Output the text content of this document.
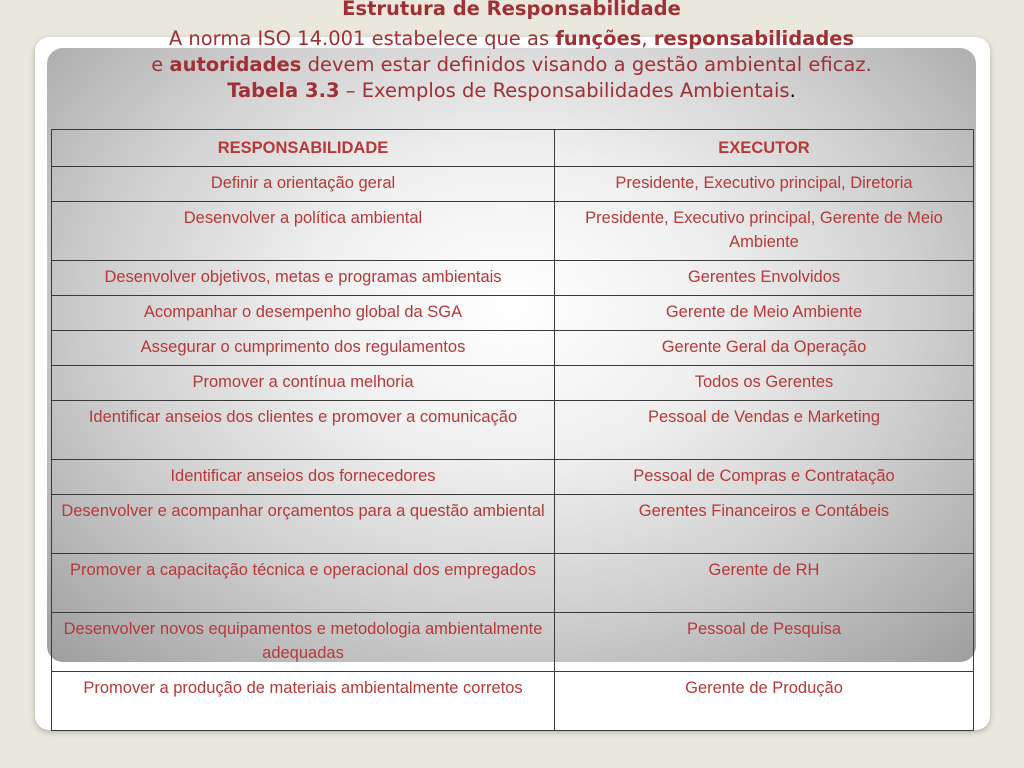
Estrutura de Responsabilidade
A norma ISO 14.001 estabelece que as funções, responsabilidades
e autoridades devem estar definidos visando a gestão ambiental eficaz.
Tabela 3.3 – Exemplos de Responsabilidades Ambientais.
RESPONSABILIDADE	EXECUTOR
Definir a orientação geral	Presidente, Executivo principal, Diretoria
Desenvolver a política ambiental	Presidente, Executivo principal, Gerente de Meio Ambiente
Desenvolver objetivos, metas e programas ambientais	Gerentes Envolvidos
Acompanhar o desempenho global da SGA	Gerente de Meio Ambiente
Assegurar o cumprimento dos regulamentos	Gerente Geral da Operação
Promover a contínua melhoria	Todos os Gerentes
Identificar anseios dos clientes e promover a comunicação	Pessoal de Vendas e Marketing
Identificar anseios dos fornecedores	Pessoal de Compras e Contratação
Desenvolver e acompanhar orçamentos para a questão ambiental	Gerentes Financeiros e Contábeis
Promover a capacitação técnica e operacional dos empregados	Gerente de RH
Desenvolver novos equipamentos e metodologia ambientalmente adequadas	Pessoal de Pesquisa
Promover a produção de materiais ambientalmente corretos	Gerente de Produção
